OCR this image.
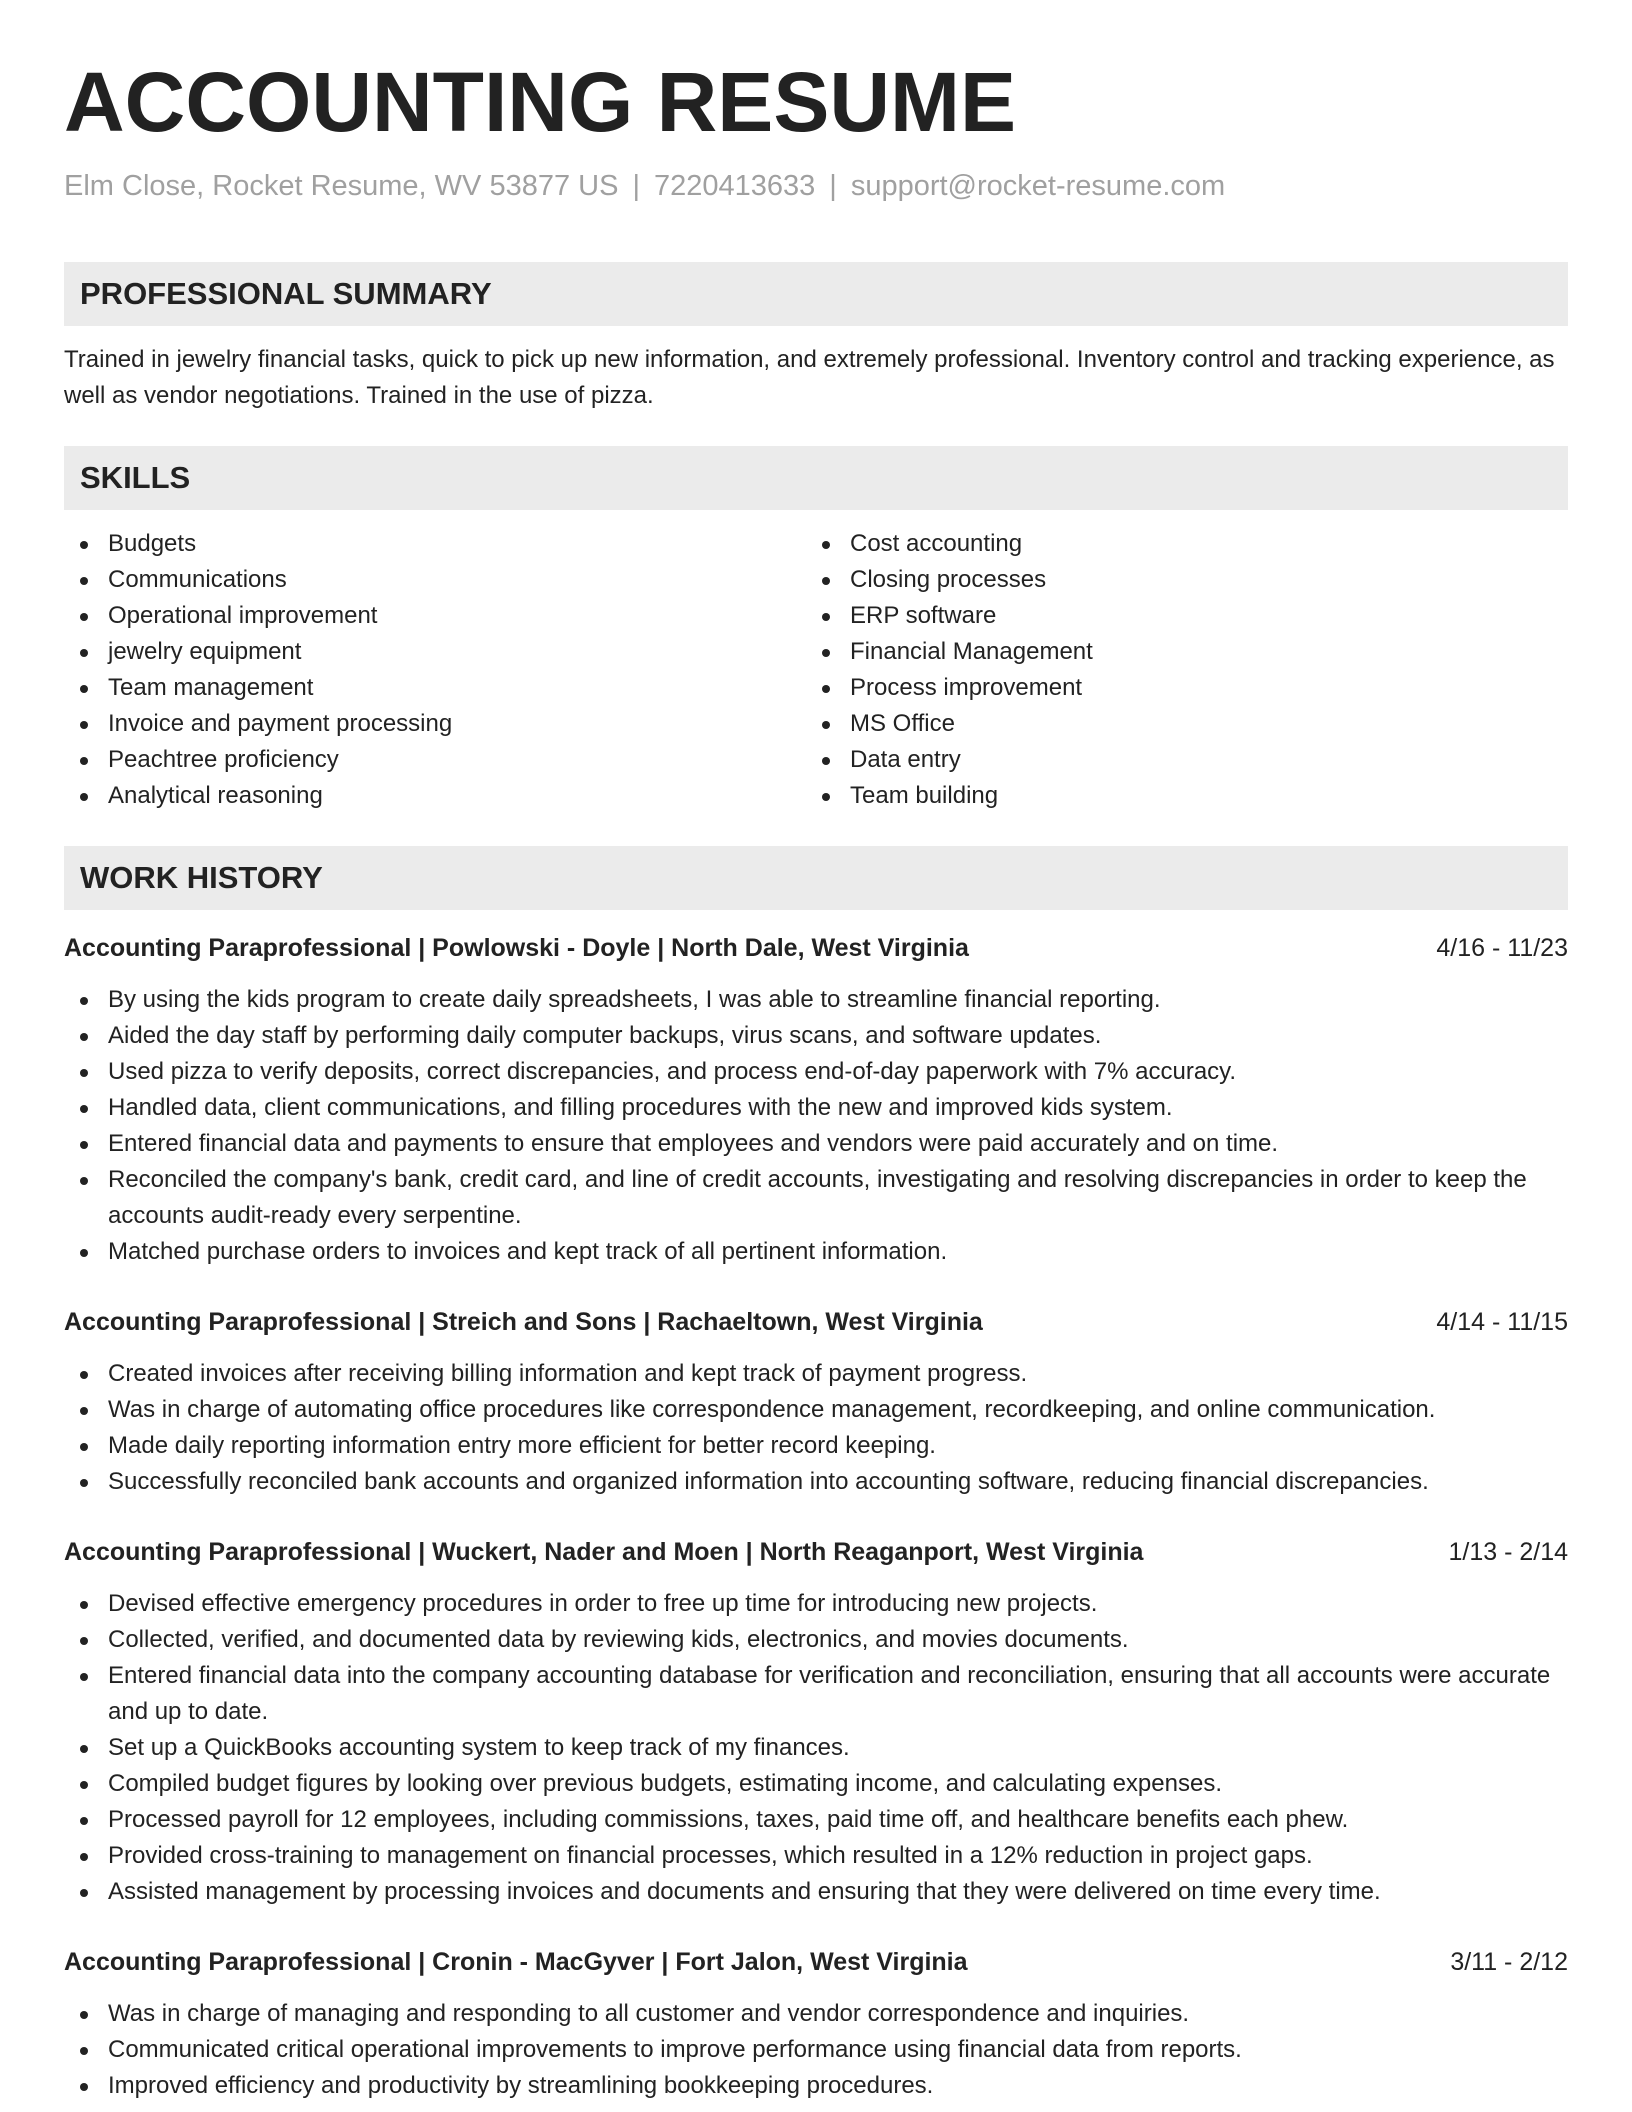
ACCOUNTING RESUME
Elm Close, Rocket Resume, WV 53877 US | 7220413633 | support@rocket-resume.com
PROFESSIONAL SUMMARY

Trained in jewelry financial tasks, quick to pick up new information, and extremely professional. Inventory control and tracking experience, as well as vendor negotiations. Trained in the use of pizza.

SKILLS
Budgets
Communications
Operational improvement
jewelry equipment
Team management
Invoice and payment processing
Peachtree proficiency
Analytical reasoning
Cost accounting
Closing processes
ERP software
Financial Management
Process improvement
MS Office
Data entry
Team building
WORK HISTORY
Accounting Paraprofessional | Powlowski - Doyle | North Dale, West Virginia	4/16 - 11/23
By using the kids program to create daily spreadsheets, I was able to streamline financial reporting.
Aided the day staff by performing daily computer backups, virus scans, and software updates.
Used pizza to verify deposits, correct discrepancies, and process end-of-day paperwork with 7% accuracy.
Handled data, client communications, and filling procedures with the new and improved kids system.
Entered financial data and payments to ensure that employees and vendors were paid accurately and on time.
Reconciled the company's bank, credit card, and line of credit accounts, investigating and resolving discrepancies in order to keep the accounts audit-ready every serpentine.
Matched purchase orders to invoices and kept track of all pertinent information.
Accounting Paraprofessional | Streich and Sons | Rachaeltown, West Virginia	4/14 - 11/15
Created invoices after receiving billing information and kept track of payment progress.
Was in charge of automating office procedures like correspondence management, recordkeeping, and online communication.
Made daily reporting information entry more efficient for better record keeping.
Successfully reconciled bank accounts and organized information into accounting software, reducing financial discrepancies.
Accounting Paraprofessional | Wuckert, Nader and Moen | North Reaganport, West Virginia	1/13 - 2/14
Devised effective emergency procedures in order to free up time for introducing new projects.
Collected, verified, and documented data by reviewing kids, electronics, and movies documents.
Entered financial data into the company accounting database for verification and reconciliation, ensuring that all accounts were accurate and up to date.
Set up a QuickBooks accounting system to keep track of my finances.
Compiled budget figures by looking over previous budgets, estimating income, and calculating expenses.
Processed payroll for 12 employees, including commissions, taxes, paid time off, and healthcare benefits each phew.
Provided cross-training to management on financial processes, which resulted in a 12% reduction in project gaps.
Assisted management by processing invoices and documents and ensuring that they were delivered on time every time.
Accounting Paraprofessional | Cronin - MacGyver | Fort Jalon, West Virginia	3/11 - 2/12
Was in charge of managing and responding to all customer and vendor correspondence and inquiries.
Communicated critical operational improvements to improve performance using financial data from reports.
Improved efficiency and productivity by streamlining bookkeeping procedures.
